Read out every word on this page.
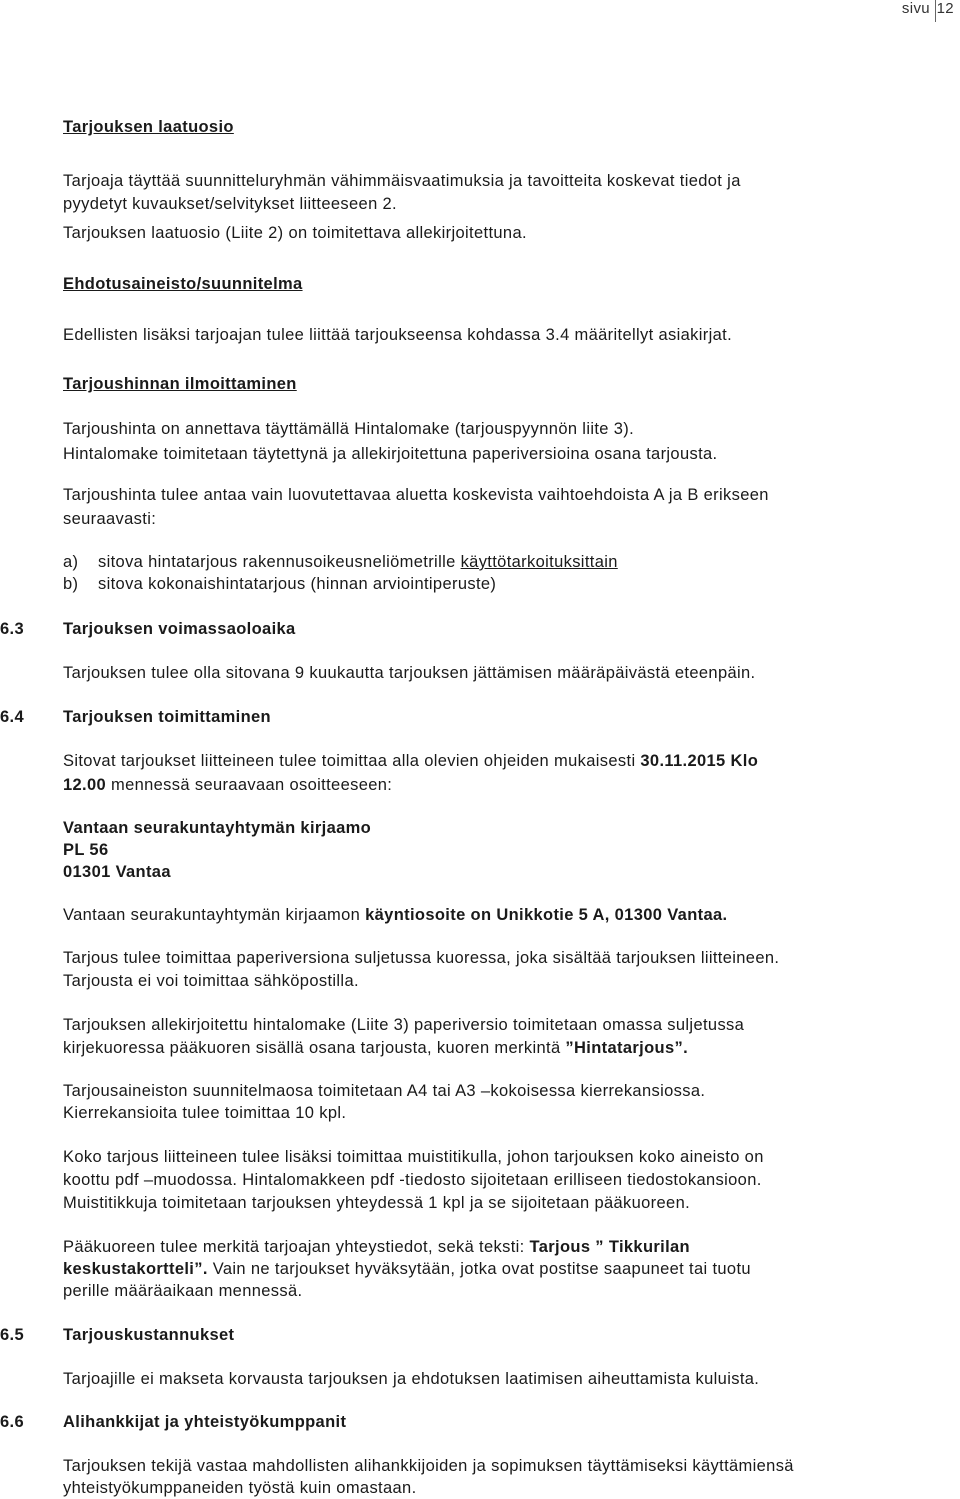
sivu 12
Tarjouksen laatuosio
Tarjoaja täyttää suunnitteluryhmän vähimmäisvaatimuksia ja tavoitteita koskevat tiedot ja
pyydetyt kuvaukset/selvitykset liitteeseen 2.
Tarjouksen laatuosio (Liite 2) on toimitettava allekirjoitettuna.
Ehdotusaineisto/suunnitelma
Edellisten lisäksi tarjoajan tulee liittää tarjoukseensa kohdassa 3.4 määritellyt asiakirjat.
Tarjoushinnan ilmoittaminen
Tarjoushinta on annettava täyttämällä Hintalomake (tarjouspyynnön liite 3).
Hintalomake toimitetaan täytettynä ja allekirjoitettuna paperiversioina osana tarjousta.
Tarjoushinta tulee antaa vain luovutettavaa aluetta koskevista vaihtoehdoista A ja B erikseen
seuraavasti:
a) sitova hintatarjous rakennusoikeusneliömetrille käyttötarkoituksittain
b) sitova kokonaishintatarjous (hinnan arviointiperuste)
6.3 Tarjouksen voimassaoloaika
Tarjouksen tulee olla sitovana 9 kuukautta tarjouksen jättämisen määräpäivästä eteenpäin.
6.4 Tarjouksen toimittaminen
Sitovat tarjoukset liitteineen tulee toimittaa alla olevien ohjeiden mukaisesti 30.11.2015 Klo
12.00 mennessä seuraavaan osoitteeseen:
Vantaan seurakuntayhtymän kirjaamo
PL 56
01301 Vantaa
Vantaan seurakuntayhtymän kirjaamon käyntiosoite on Unikkotie 5 A, 01300 Vantaa.
Tarjous tulee toimittaa paperiversiona suljetussa kuoressa, joka sisältää tarjouksen liitteineen.
Tarjousta ei voi toimittaa sähköpostilla.
Tarjouksen allekirjoitettu hintalomake (Liite 3) paperiversio toimitetaan omassa suljetussa
kirjekuoressa pääkuoren sisällä osana tarjousta, kuoren merkintä ”Hintatarjous”.
Tarjousaineiston suunnitelmaosa toimitetaan A4 tai A3 –kokoisessa kierrekansiossa.
Kierrekansioita tulee toimittaa 10 kpl.
Koko tarjous liitteineen tulee lisäksi toimittaa muistitikulla, johon tarjouksen koko aineisto on
koottu pdf –muodossa. Hintalomakkeen pdf -tiedosto sijoitetaan erilliseen tiedostokansioon.
Muistitikkuja toimitetaan tarjouksen yhteydessä 1 kpl ja se sijoitetaan pääkuoreen.
Pääkuoreen tulee merkitä tarjoajan yhteystiedot, sekä teksti: Tarjous ” Tikkurilan
keskustakortteli”. Vain ne tarjoukset hyväksytään, jotka ovat postitse saapuneet tai tuotu
perille määräaikaan mennessä.
6.5 Tarjouskustannukset
Tarjoajille ei makseta korvausta tarjouksen ja ehdotuksen laatimisen aiheuttamista kuluista.
6.6 Alihankkijat ja yhteistyökumppanit
Tarjouksen tekijä vastaa mahdollisten alihankkijoiden ja sopimuksen täyttämiseksi käyttämiensä
yhteistyökumppaneiden työstä kuin omastaan.
